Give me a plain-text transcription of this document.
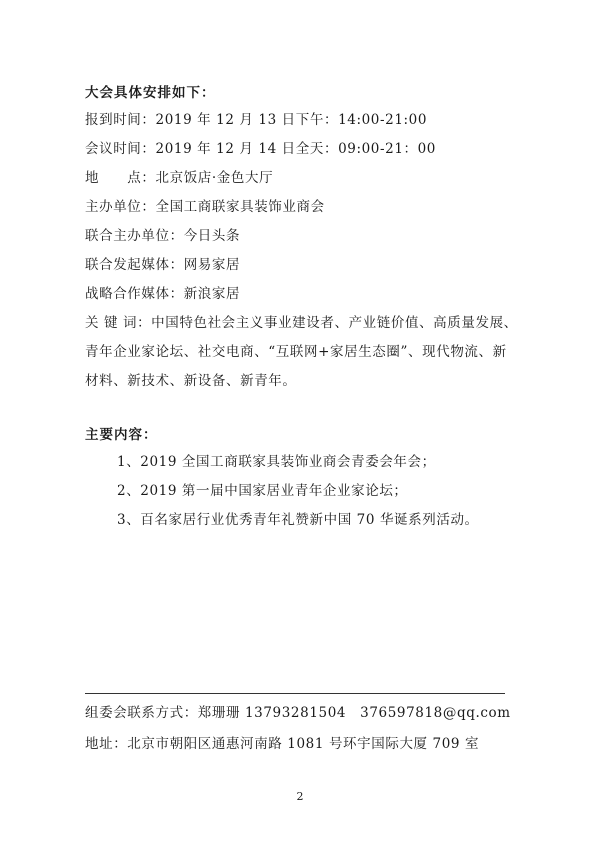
大会具体安排如下：
报到时间：2019 年 12 月 13 日下午：14:00-21:00
会议时间：2019 年 12 月 14 日全天：09:00-21：00
地　　点：北京饭店·金色大厅
主办单位：全国工商联家具装饰业商会
联合主办单位：今日头条
联合发起媒体：网易家居
战略合作媒体：新浪家居
关 键 词：中国特色社会主义事业建设者、产业链价值、高质量发展、
青年企业家论坛、社交电商、“互联网+家居生态圈”、现代物流、新
材料、新技术、新设备、新青年。
主要内容：
1、2019 全国工商联家具装饰业商会青委会年会；
2、2019 第一届中国家居业青年企业家论坛；
3、百名家居行业优秀青年礼赞新中国 70 华诞系列活动。
组委会联系方式：郑珊珊 13793281504　376597818@qq.com
地址：北京市朝阳区通惠河南路 1081 号环宇国际大厦 709 室
2
